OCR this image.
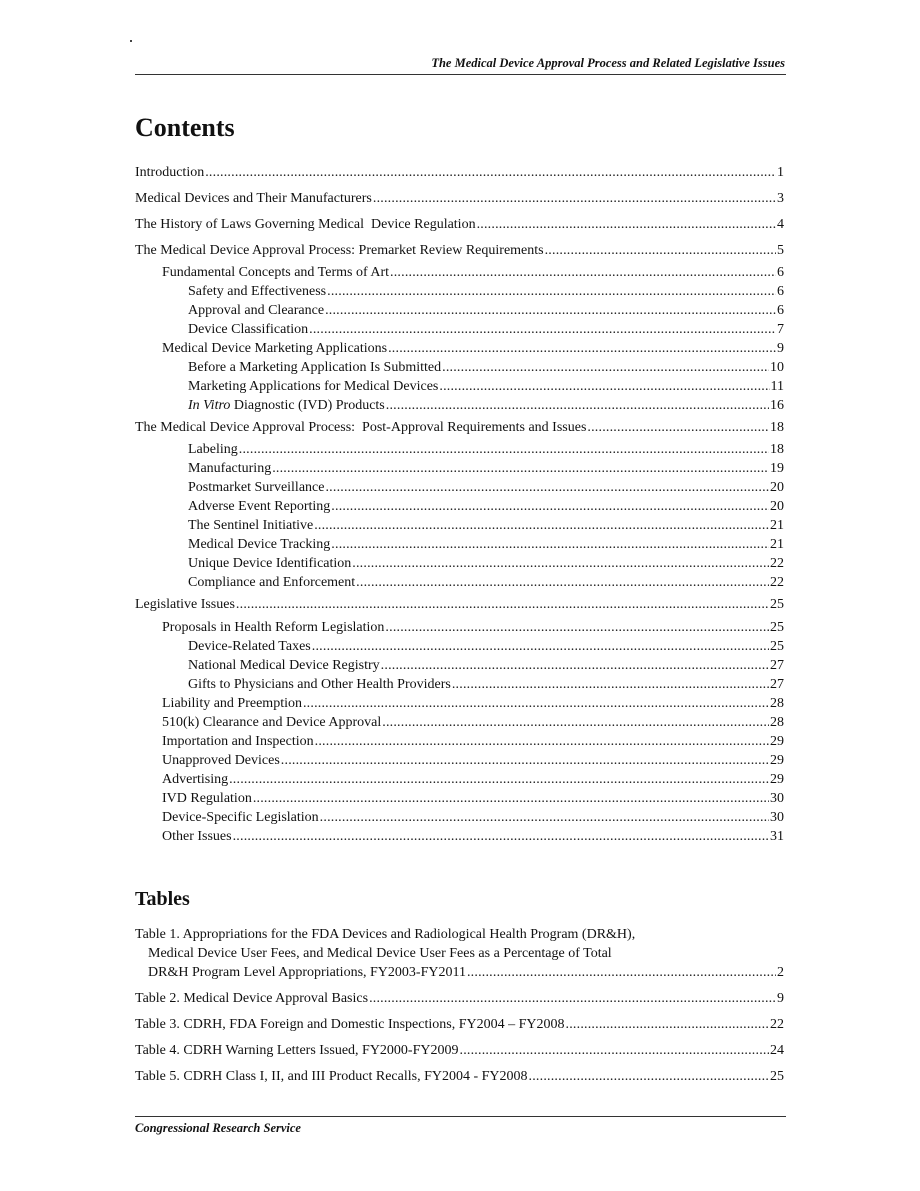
The Medical Device Approval Process and Related Legislative Issues
Contents
Introduction .....	1
Medical Devices and Their Manufacturers .....	3
The History of Laws Governing Medical  Device Regulation .....	4
The Medical Device Approval Process: Premarket Review Requirements .....	5
Fundamental Concepts and Terms of Art .....	6
Safety and Effectiveness .....	6
Approval and Clearance .....	6
Device Classification .....	7
Medical Device Marketing Applications .....	9
Before a Marketing Application Is Submitted .....	10
Marketing Applications for Medical Devices .....	11
In Vitro Diagnostic (IVD) Products .....	16
The Medical Device Approval Process:  Post-Approval Requirements and Issues .....	18
Labeling .....	18
Manufacturing .....	19
Postmarket Surveillance .....	20
Adverse Event Reporting .....	20
The Sentinel Initiative .....	21
Medical Device Tracking .....	21
Unique Device Identification .....	22
Compliance and Enforcement .....	22
Legislative Issues .....	25
Proposals in Health Reform Legislation .....	25
Device-Related Taxes .....	25
National Medical Device Registry .....	27
Gifts to Physicians and Other Health Providers .....	27
Liability and Preemption .....	28
510(k) Clearance and Device Approval .....	28
Importation and Inspection .....	29
Unapproved Devices .....	29
Advertising .....	29
IVD Regulation .....	30
Device-Specific Legislation .....	30
Other Issues .....	31
Tables
Table 1. Appropriations for the FDA Devices and Radiological Health Program (DR&H),
Medical Device User Fees, and Medical Device User Fees as a Percentage of Total
DR&H Program Level Appropriations, FY2003-FY2011 .....	2
Table 2. Medical Device Approval Basics .....	9
Table 3. CDRH, FDA Foreign and Domestic Inspections, FY2004 – FY2008 .....	22
Table 4. CDRH Warning Letters Issued, FY2000-FY2009 .....	24
Table 5. CDRH Class I, II, and III Product Recalls, FY2004 - FY2008 .....	25
Congressional Research Service
